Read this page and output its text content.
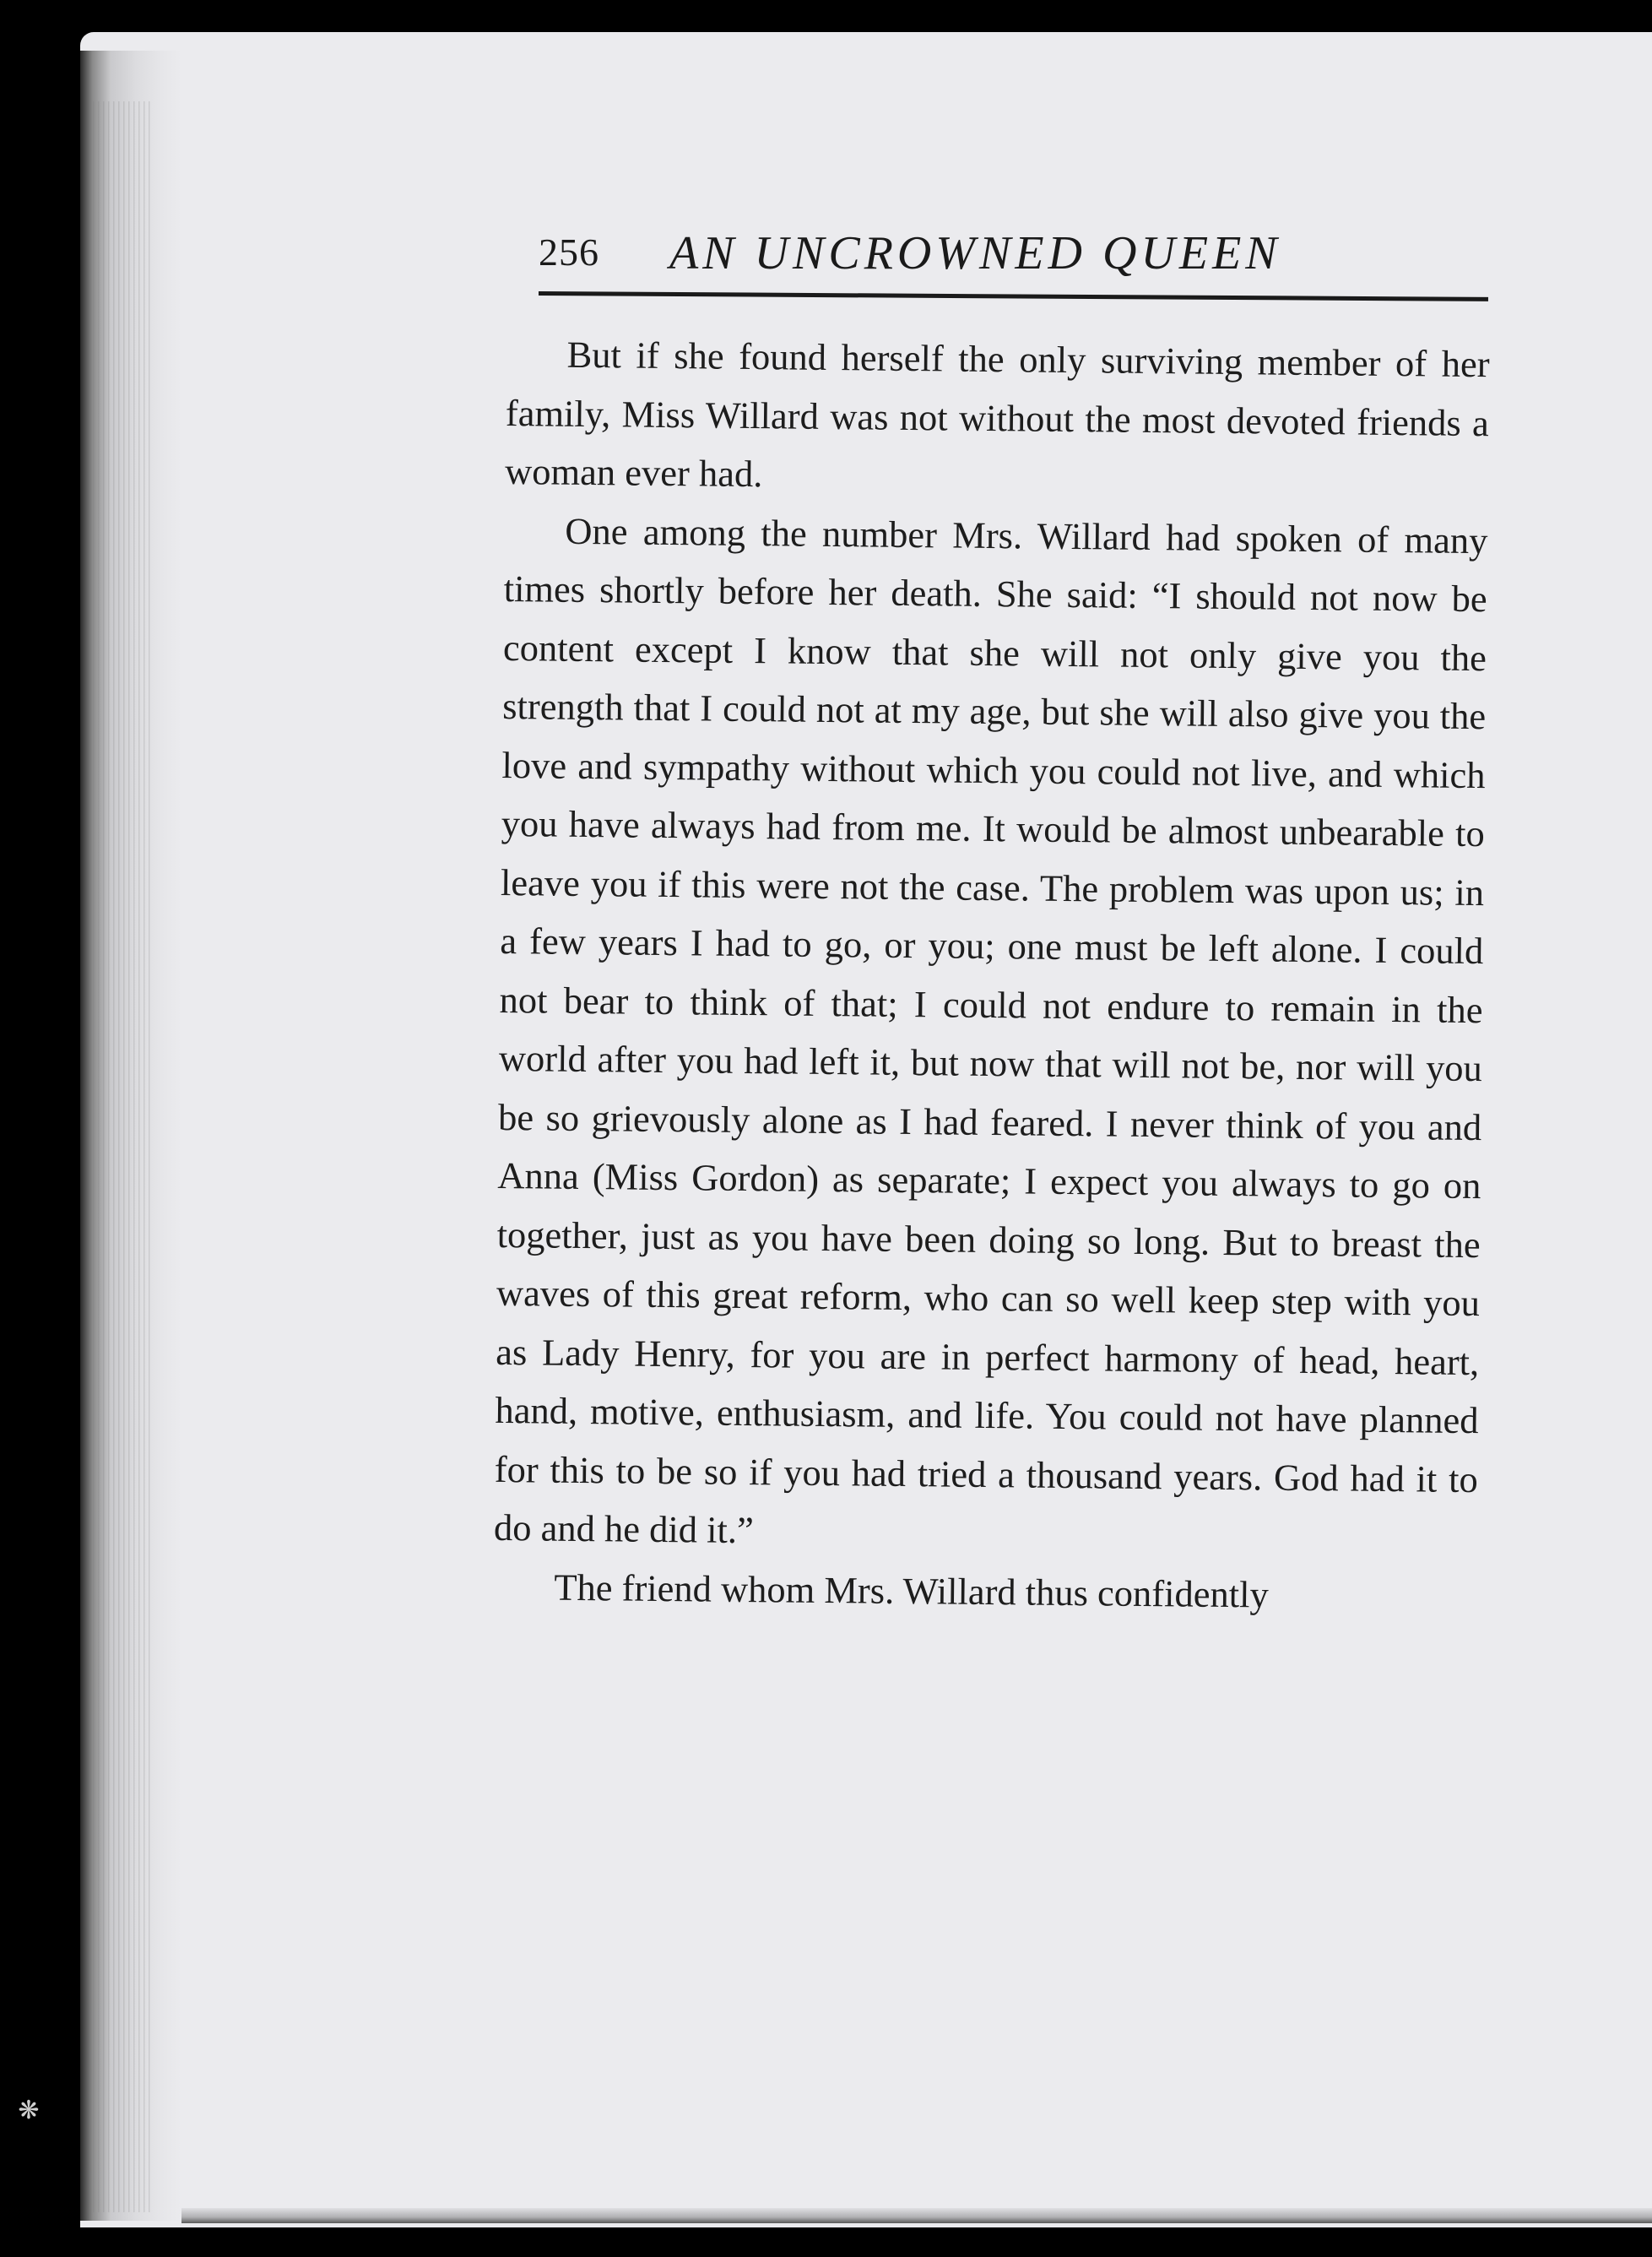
❋
256 AN UNCROWNED QUEEN

But if she found herself the only surviving member of her family, Miss Willard was not without the most devoted friends a woman ever had.

One among the number Mrs. Willard had spoken of many times shortly before her death. She said: “I should not now be content except I know that she will not only give you the strength that I could not at my age, but she will also give you the love and sympathy without which you could not live, and which you have always had from me. It would be almost unbearable to leave you if this were not the case. The problem was upon us; in a few years I had to go, or you; one must be left alone. I could not bear to think of that; I could not endure to remain in the world after you had left it, but now that will not be, nor will you be so grievously alone as I had feared. I never think of you and Anna (Miss Gordon) as separate; I expect you always to go on together, just as you have been doing so long. But to breast the waves of this great reform, who can so well keep step with you as Lady Henry, for you are in perfect harmony of head, heart, hand, motive, enthusiasm, and life. You could not have planned for this to be so if you had tried a thousand years. God had it to do and he did it.”

The friend whom Mrs. Willard thus confidently
